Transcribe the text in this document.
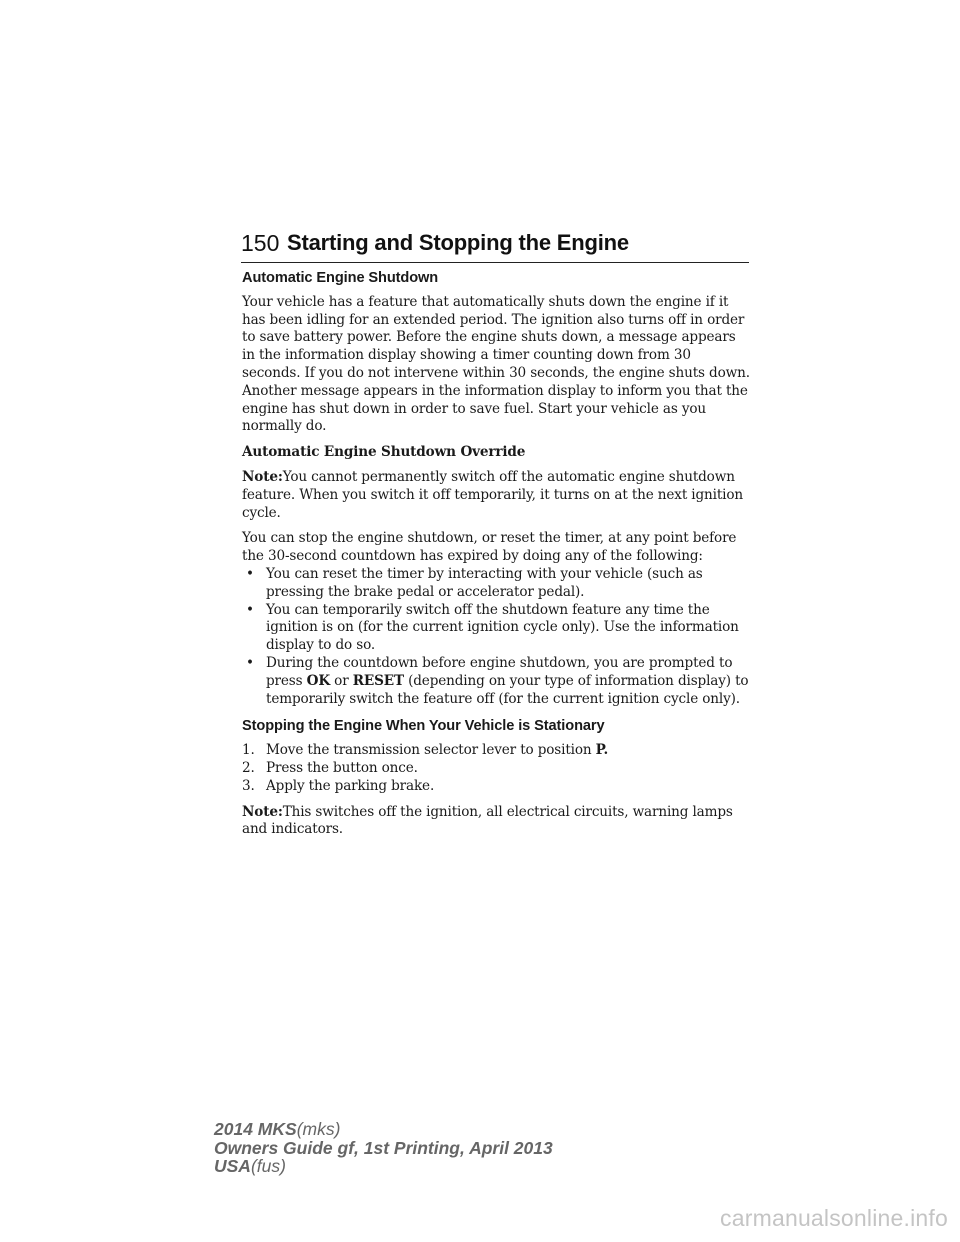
150 Starting and Stopping the Engine
Automatic Engine Shutdown

Your vehicle has a feature that automatically shuts down the engine if it has been idling for an extended period. The ignition also turns off in order to save battery power. Before the engine shuts down, a message appears in the information display showing a timer counting down from 30 seconds. If you do not intervene within 30 seconds, the engine shuts down. Another message appears in the information display to inform you that the engine has shut down in order to save fuel. Start your vehicle as you normally do.

Automatic Engine Shutdown Override

Note:You cannot permanently switch off the automatic engine shutdown feature. When you switch it off temporarily, it turns on at the next ignition cycle.

You can stop the engine shutdown, or reset the timer, at any point before the 30-second countdown has expired by doing any of the following:

• You can reset the timer by interacting with your vehicle (such as pressing the brake pedal or accelerator pedal).
• You can temporarily switch off the shutdown feature any time the ignition is on (for the current ignition cycle only). Use the information display to do so.
• During the countdown before engine shutdown, you are prompted to press OK or RESET (depending on your type of information display) to temporarily switch the feature off (for the current ignition cycle only).
Stopping the Engine When Your Vehicle is Stationary
1. Move the transmission selector lever to position P.
2. Press the button once.
3. Apply the parking brake.

Note:This switches off the ignition, all electrical circuits, warning lamps and indicators.

2014 MKS(mks)
Owners Guide gf, 1st Printing, April 2013
USA(fus)
carmanualsonline.info
